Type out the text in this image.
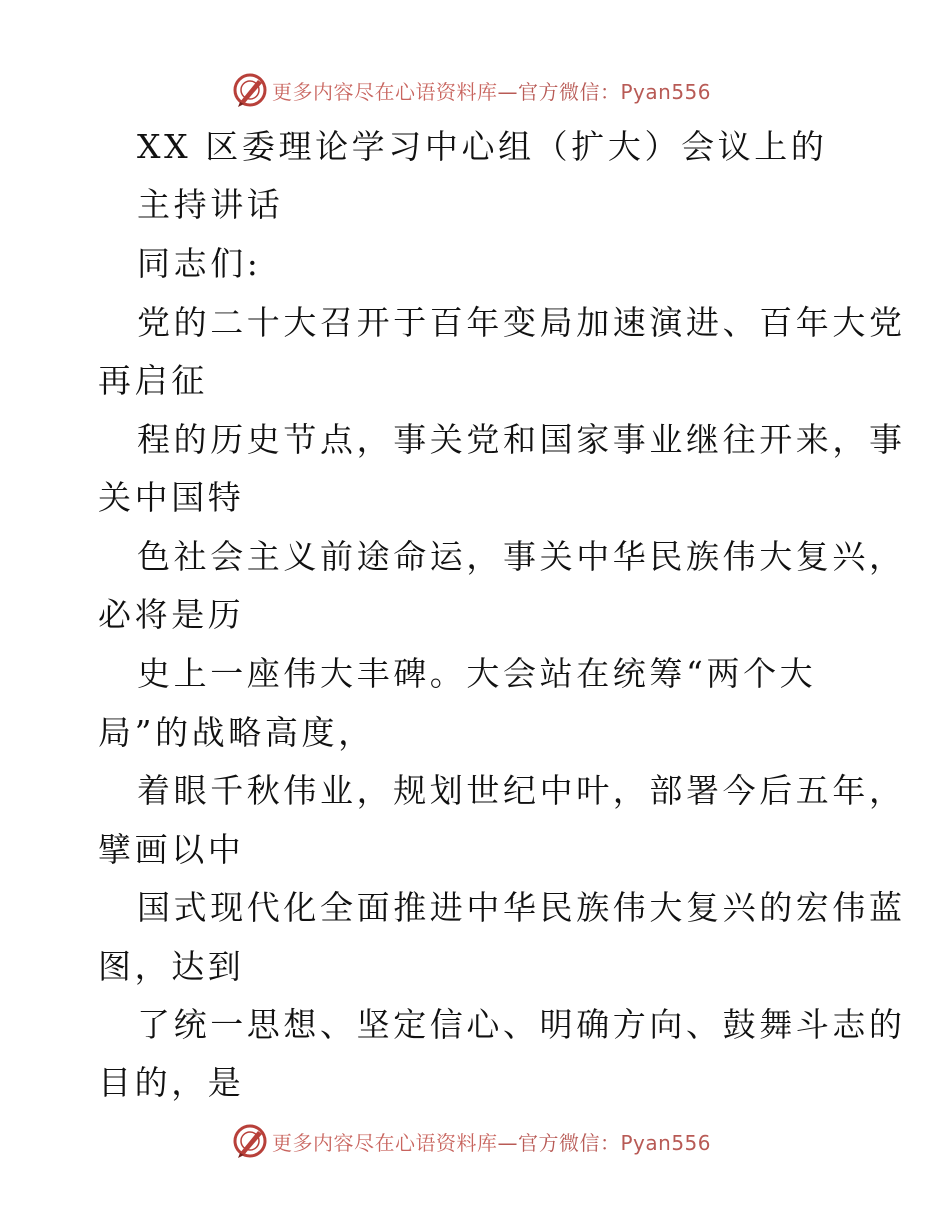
更多内容尽在心语资料库—官方微信：Pyan556
XX 区委理论学习中心组（扩大）会议上的
主持讲话
同志们:
党的二十大召开于百年变局加速演进、百年大党
再启征
程的历史节点，事关党和国家事业继往开来，事
关中国特
色社会主义前途命运，事关中华民族伟大复兴，
必将是历
史上一座伟大丰碑。大会站在统筹“两个大
局”的战略高度，
着眼千秋伟业，规划世纪中叶，部署今后五年，
擘画以中
国式现代化全面推进中华民族伟大复兴的宏伟蓝
图，达到
了统一思想、坚定信心、明确方向、鼓舞斗志的
目的，是
更多内容尽在心语资料库—官方微信：Pyan556
